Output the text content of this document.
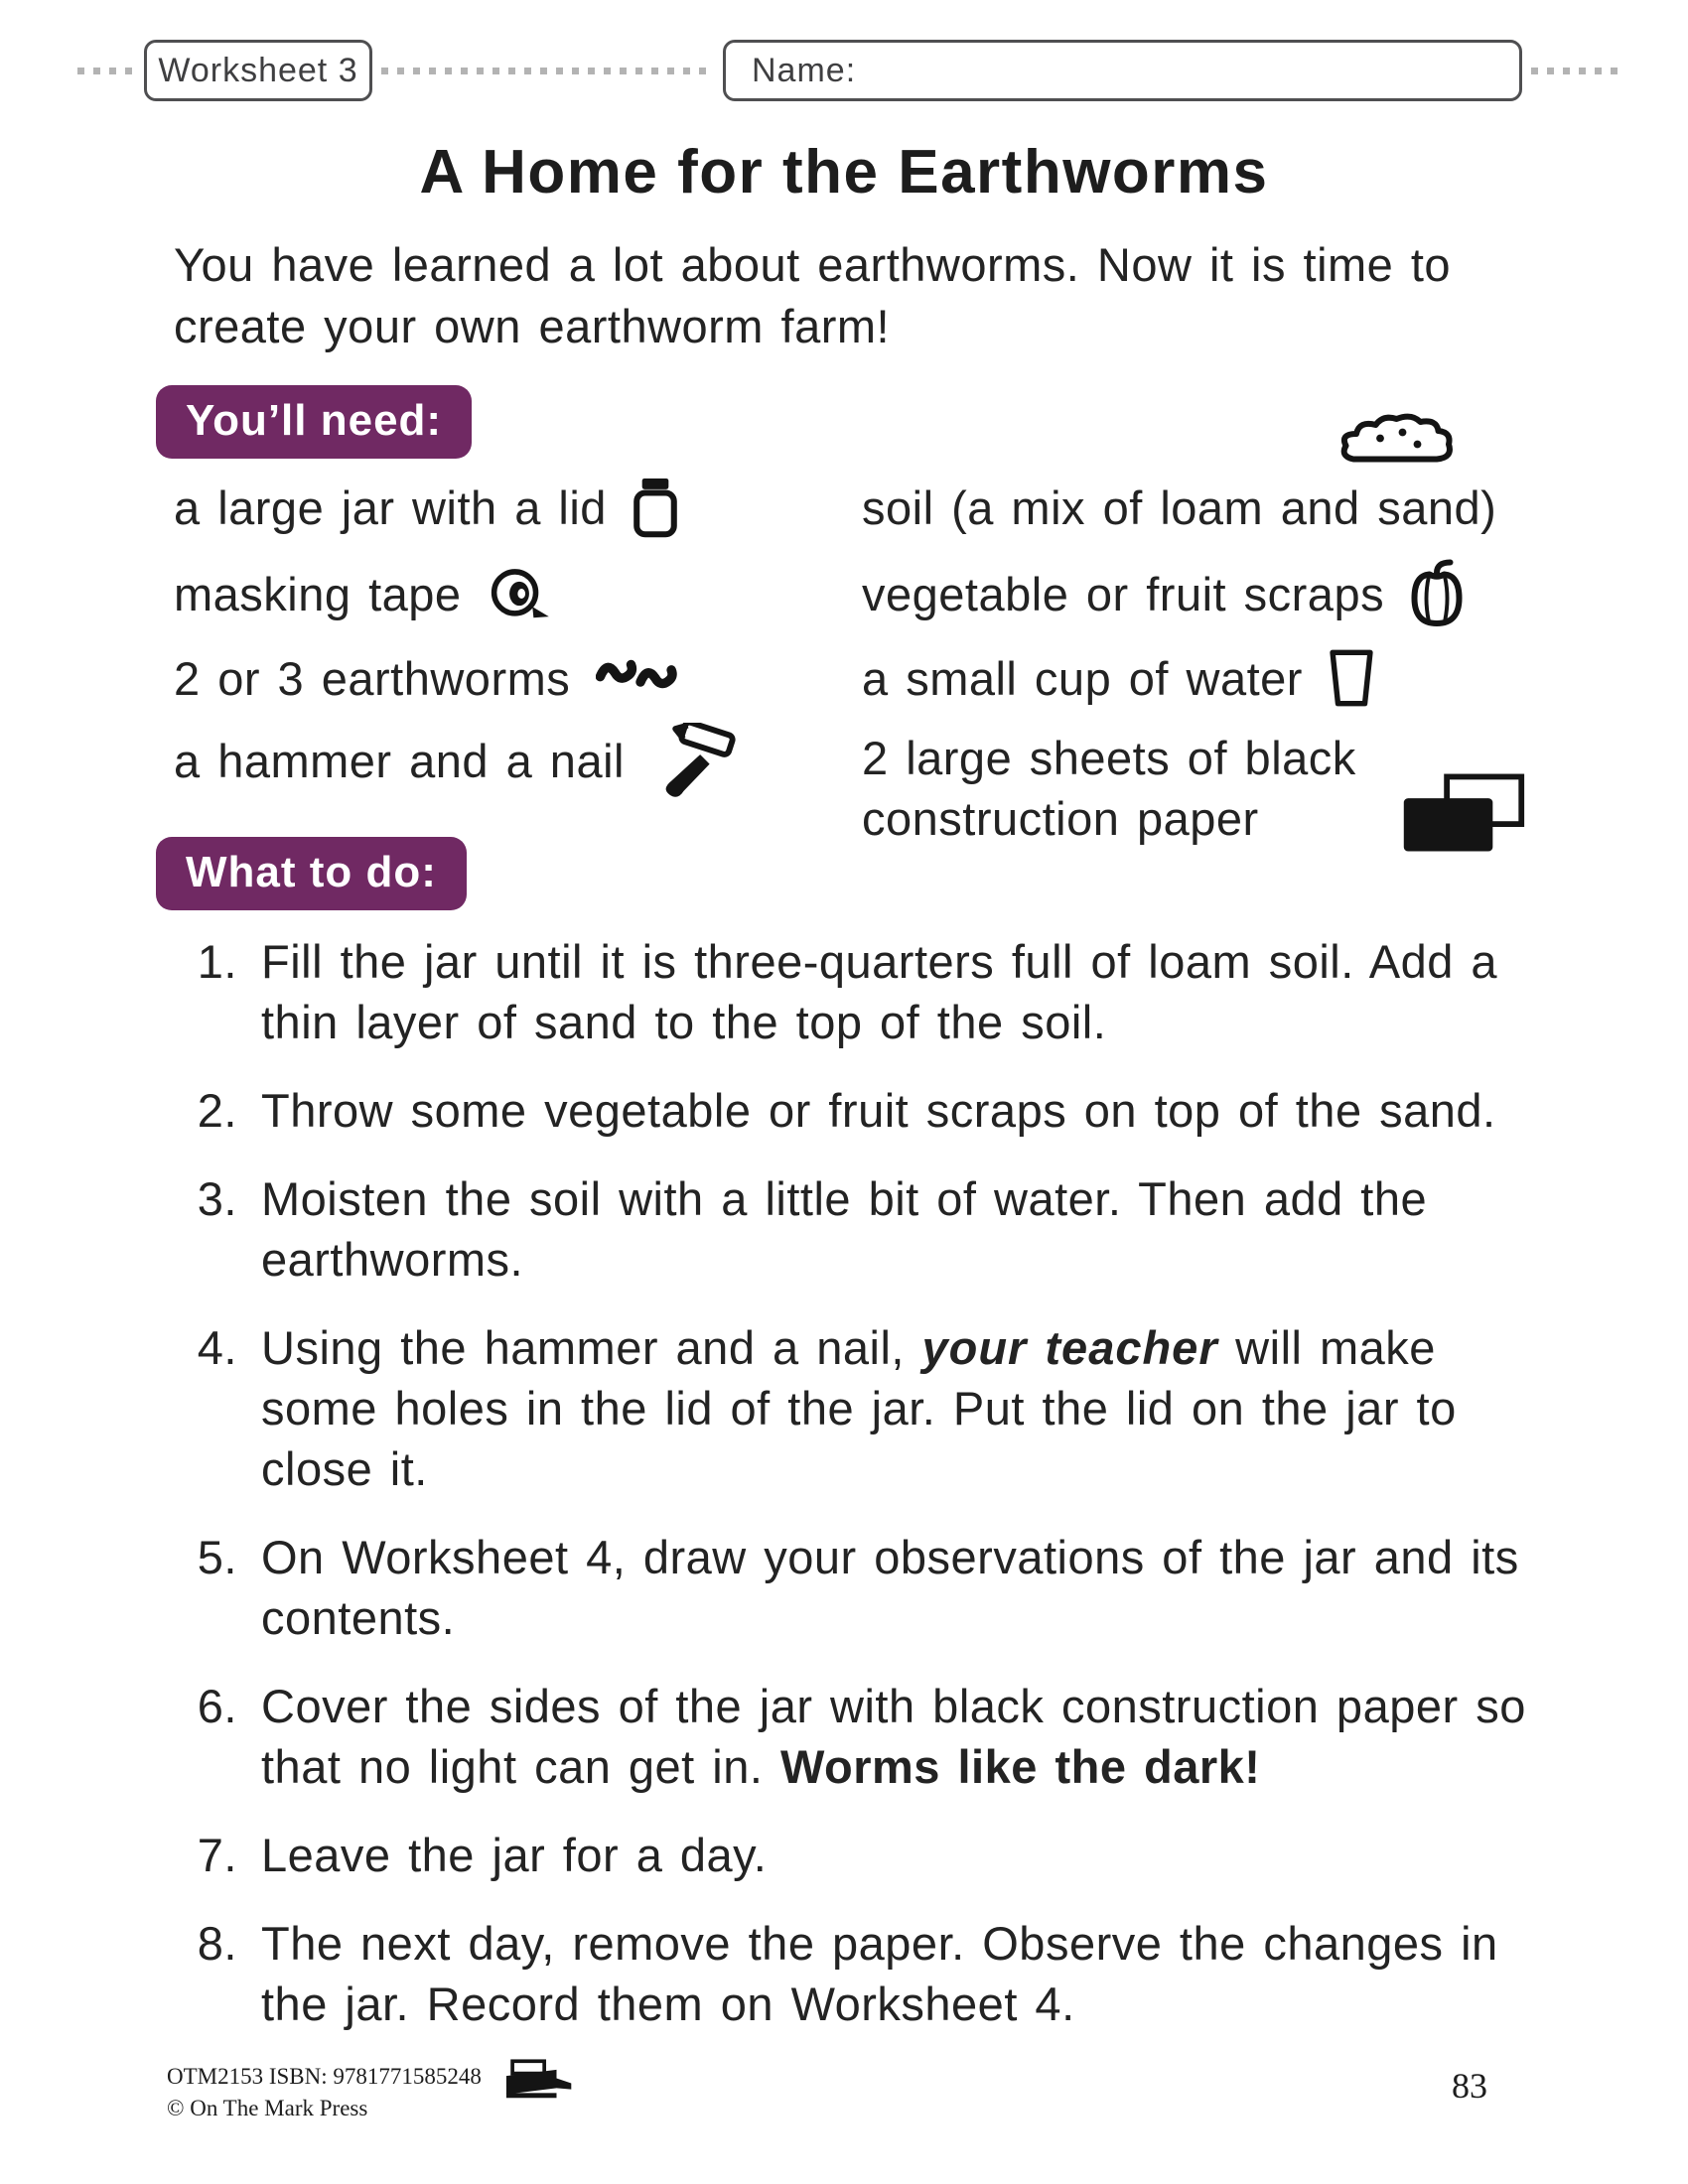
Worksheet 3	Name:
A Home for the Earthworms
You have learned a lot about earthworms. Now it is time to create your own earthworm farm!
You’ll need:
a large jar with a lid
masking tape
2 or 3 earthworms
a hammer and a nail
soil (a mix of loam and sand)
vegetable or fruit scraps
a small cup of water
2 large sheets of black construction paper
What to do:
1. Fill the jar until it is three-quarters full of loam soil. Add a thin layer of sand to the top of the soil.
2. Throw some vegetable or fruit scraps on top of the sand.
3. Moisten the soil with a little bit of water. Then add the earthworms.
4. Using the hammer and a nail, your teacher will make some holes in the lid of the jar. Put the lid on the jar to close it.
5. On Worksheet 4, draw your observations of the jar and its contents.
6. Cover the sides of the jar with black construction paper so that no light can get in. Worms like the dark!
7. Leave the jar for a day.
8. The next day, remove the paper. Observe the changes in the jar. Record them on Worksheet 4.
OTM2153 ISBN: 9781771585248
© On The Mark Press
83
